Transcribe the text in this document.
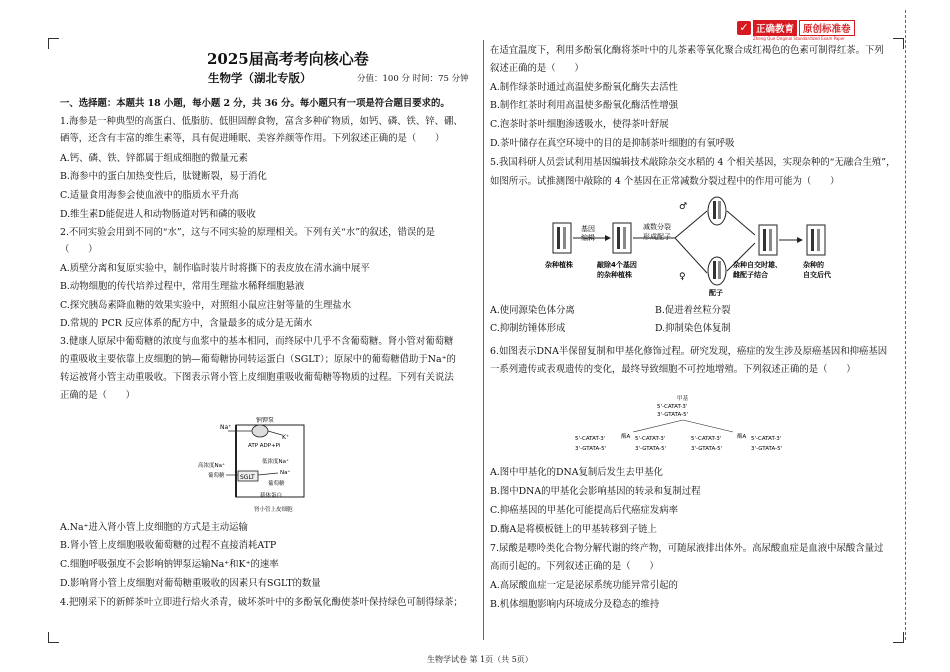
✓ 正确教育 原创标准卷
Zheng Que Original Standardized Exam Paper
2025届高考考向核心卷
生物学（湖北专版）	分值：100 分 时间：75 分钟
一、选择题：本题共 18 小题，每小题 2 分，共 36 分。每小题只有一项是符合题目要求的。
1.海参是一种典型的高蛋白、低脂肪、低胆固醇食物，富含多种矿物质，如钙、磷、铁、锌、硼、
硒等，还含有丰富的维生素等，具有促进睡眠、美容养颜等作用。下列叙述正确的是（　　）
A.钙、磷、铁、锌都属于组成细胞的微量元素
B.海参中的蛋白加热变性后，肽键断裂，易于消化
C.适量食用海参会使血液中的脂质水平升高
D.维生素D能促进人和动物肠道对钙和磷的吸收
2.不同实验会用到不同的“水”，这与不同实验的原理相关。下列有关“水”的叙述，错误的是
（　　）
A.质壁分离和复原实验中，制作临时装片时将撕下的表皮放在清水滴中展平
B.动物细胞的传代培养过程中，常用生理盐水稀释细胞悬液
C.探究胰岛素降血糖的效果实验中，对照组小鼠应注射等量的生理盐水
D.常规的 PCR 反应体系的配方中，含量最多的成分是无菌水
3.健康人原尿中葡萄糖的浓度与血浆中的基本相同，而终尿中几乎不含葡萄糖。肾小管对葡萄糖
的重吸收主要依靠上皮细胞的钠—葡萄糖协同转运蛋白（SGLT）；原尿中的葡萄糖借助于Na⁺的
转运被肾小管主动重吸收。下图表示肾小管上皮细胞重吸收葡萄糖等物质的过程。下列有关说法
正确的是（　　）
A.Na⁺进入肾小管上皮细胞的方式是主动运输
B.肾小管上皮细胞吸收葡萄糖的过程不直接消耗ATP
C.细胞呼吸强度不会影响钠钾泵运输Na⁺和K⁺的速率
D.影响肾小管上皮细胞对葡萄糖重吸收的因素只有SGLT的数量
4.把刚采下的新鲜茶叶立即进行焙火杀青，破坏茶叶中的多酚氧化酶使茶叶保持绿色可制得绿茶；
钠钾泵
Na⁺
K⁺
ATP ADP+Pi
高浓度Na⁺
葡萄糖	SGLT
低浓度Na⁺
Na⁺
葡萄糖
载体蛋白
肾小管上皮细胞
在适宜温度下，利用多酚氧化酶将茶叶中的儿茶素等氧化聚合成红褐色的色素可制得红茶。下列
叙述正确的是（　　）
A.制作绿茶时通过高温使多酚氧化酶失去活性
B.制作红茶时利用高温使多酚氧化酶活性增强
C.泡茶时茶叶细胞渗透吸水，使得茶叶舒展
D.茶叶储存在真空环境中的目的是抑制茶叶细胞的有氧呼吸
5.我国科研人员尝试利用基因编辑技术敲除杂交水稻的 4 个相关基因，实现杂种的“无融合生殖”，
如图所示。试推测图中敲除的 4 个基因在正常减数分裂过程中的作用可能为（　　）
6.如图表示DNA半保留复制和甲基化修饰过程。研究发现，癌症的发生涉及原癌基因和抑癌基因
一系列遗传或表观遗传的变化，最终导致细胞不可控地增殖。下列叙述正确的是（　　）
A.图中甲基化的DNA复制后发生去甲基化
B.图中DNA的甲基化会影响基因的转录和复制过程
C.抑癌基因的甲基化可能提高后代癌症发病率
D.酶A是将模板链上的甲基转移到子链上
7.尿酸是嘌呤类化合物分解代谢的终产物，可随尿液排出体外。高尿酸血症是血液中尿酸含量过
高而引起的。下列叙述正确的是（　　）
A.高尿酸血症一定是泌尿系统功能异常引起的
B.机体细胞影响内环境成分及稳态的维持
杂种植株
基因 编辑
敲除4个基因
的杂种植株
减数分裂
形成配子
♂
♀
配子
杂种自交时雄、
雌配子结合
杂种的
自交后代
A.使同源染色体分离	B.促进着丝粒分裂
C.抑制纺锤体形成	D.抑制染色体复制
甲基
5'-CATAT-3'
3'-GTATA-5'
5'-CATAT-3'
3'-GTATA-5'
酶A 5'-CATAT-3'
3'-GTATA-5'
5'-CATAT-3'
3'-GTATA-5'
酶A 5'-CATAT-3'
3'-GTATA-5'
生物学试卷 第 1页（共 5页）
